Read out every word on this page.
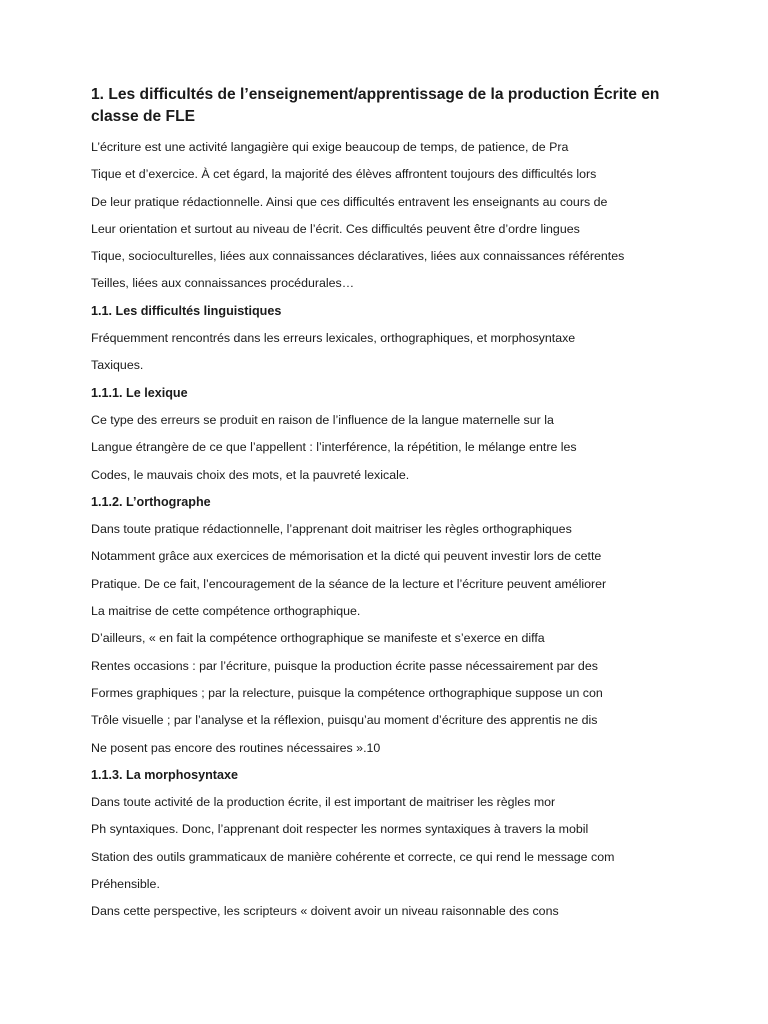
1. Les difficultés de l’enseignement/apprentissage de la production Écrite en classe de FLE

L’écriture est une activité langagière qui exige beaucoup de temps, de patience, de Pra

Tique et d’exercice. À cet égard, la majorité des élèves affrontent toujours des difficultés lors

De leur pratique rédactionnelle. Ainsi que ces difficultés entravent les enseignants au cours de

Leur orientation et surtout au niveau de l’écrit. Ces difficultés peuvent être d’ordre lingues

Tique, socioculturelles, liées aux connaissances déclaratives, liées aux connaissances référentes

Teilles, liées aux connaissances procédurales…

1.1. Les difficultés linguistiques

Fréquemment rencontrés dans les erreurs lexicales, orthographiques, et morphosyntaxe

Taxiques.

1.1.1. Le lexique

Ce type des erreurs se produit en raison de l’influence de la langue maternelle sur la

Langue étrangère de ce que l’appellent : l’interférence, la répétition, le mélange entre les

Codes, le mauvais choix des mots, et la pauvreté lexicale.

1.1.2. L’orthographe

Dans toute pratique rédactionnelle, l’apprenant doit maitriser les règles orthographiques

Notamment grâce aux exercices de mémorisation et la dicté qui peuvent investir lors de cette

Pratique. De ce fait, l’encouragement de la séance de la lecture et l’écriture peuvent améliorer

La maitrise de cette compétence orthographique.

D’ailleurs, « en fait la compétence orthographique se manifeste et s’exerce en diffa

Rentes occasions : par l’écriture, puisque la production écrite passe nécessairement par des

Formes graphiques ; par la relecture, puisque la compétence orthographique suppose un con

Trôle visuelle ; par l’analyse et la réflexion, puisqu’au moment d’écriture des apprentis ne dis

Ne posent pas encore des routines nécessaires ».10

1.1.3. La morphosyntaxe

Dans toute activité de la production écrite, il est important de maitriser les règles mor

Ph syntaxiques. Donc, l’apprenant doit respecter les normes syntaxiques à travers la mobil

Station des outils grammaticaux de manière cohérente et correcte, ce qui rend le message com

Préhensible.

Dans cette perspective, les scripteurs « doivent avoir un niveau raisonnable des cons
